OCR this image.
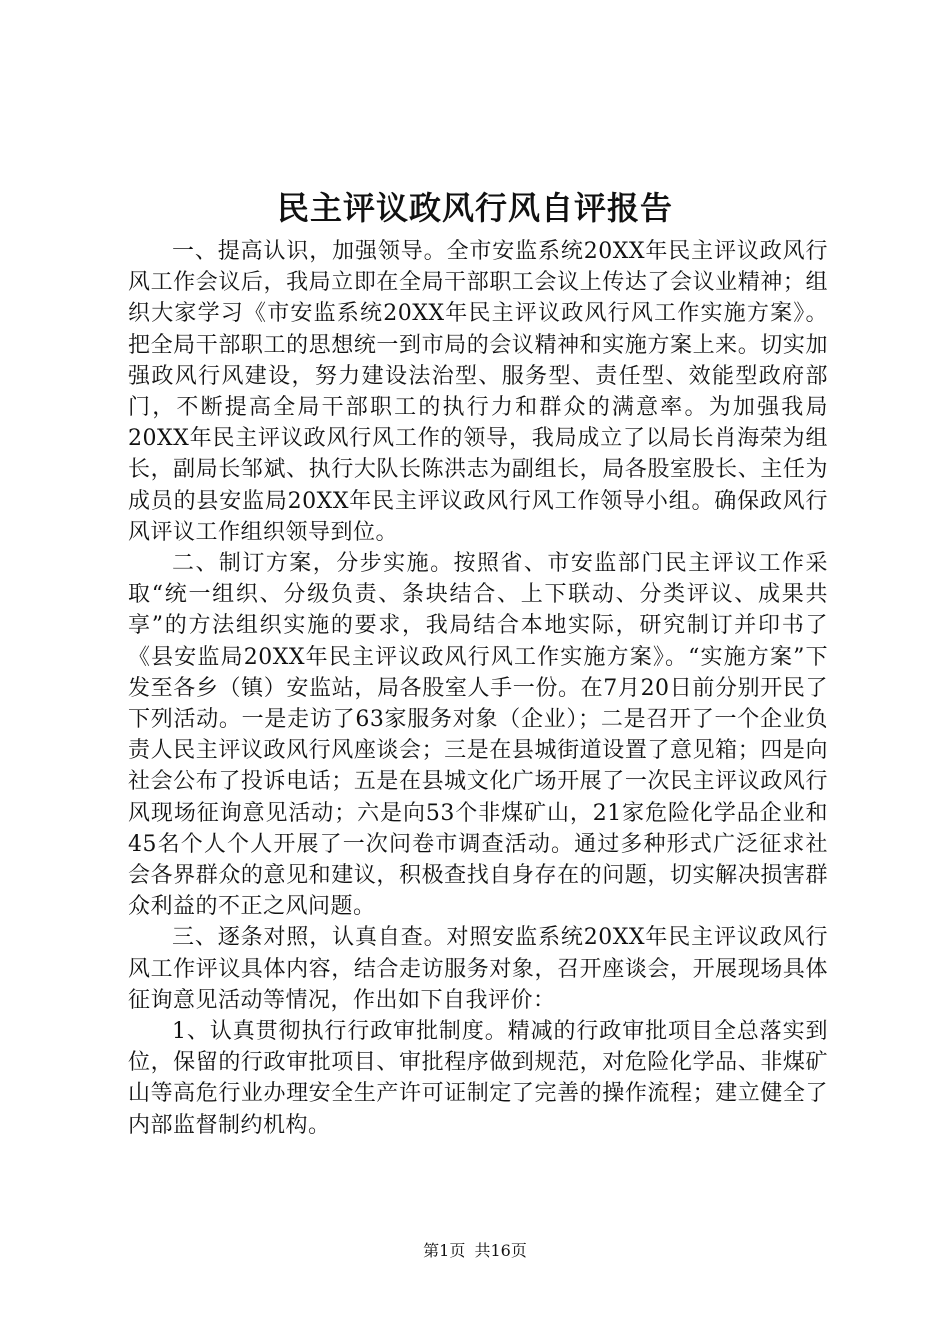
民主评议政风行风自评报告

一、提高认识，加强领导。全市安监系统20XX年民主评议政风行风工作会议后，我局立即在全局干部职工会议上传达了会议业精神；组织大家学习《市安监系统20XX年民主评议政风行风工作实施方案》。把全局干部职工的思想统一到市局的会议精神和实施方案上来。切实加强政风行风建设，努力建设法治型、服务型、责任型、效能型政府部门，不断提高全局干部职工的执行力和群众的满意率。为加强我局20XX年民主评议政风行风工作的领导，我局成立了以局长肖海荣为组长，副局长邹斌、执行大队长陈洪志为副组长，局各股室股长、主任为成员的县安监局20XX年民主评议政风行风工作领导小组。确保政风行风评议工作组织领导到位。

二、制订方案，分步实施。按照省、市安监部门民主评议工作采取“统一组织、分级负责、条块结合、上下联动、分类评议、成果共享”的方法组织实施的要求，我局结合本地实际，研究制订并印书了《县安监局20XX年民主评议政风行风工作实施方案》。“实施方案”下发至各乡（镇）安监站，局各股室人手一份。在7月20日前分别开民了下列活动。一是走访了63家服务对象（企业）；二是召开了一个企业负责人民主评议政风行风座谈会；三是在县城街道设置了意见箱；四是向社会公布了投诉电话；五是在县城文化广场开展了一次民主评议政风行风现场征询意见活动；六是向53个非煤矿山，21家危险化学品企业和45名个人个人开展了一次问卷市调查活动。通过多种形式广泛征求社会各界群众的意见和建议，积极查找自身存在的问题，切实解决损害群众利益的不正之风问题。

三、逐条对照，认真自查。对照安监系统20XX年民主评议政风行风工作评议具体内容，结合走访服务对象，召开座谈会，开展现场具体征询意见活动等情况，作出如下自我评价：

1、认真贯彻执行行政审批制度。精减的行政审批项目全总落实到位，保留的行政审批项目、审批程序做到规范，对危险化学品、非煤矿山等高危行业办理安全生产许可证制定了完善的操作流程；建立健全了内部监督制约机构。

第1页 共16页
